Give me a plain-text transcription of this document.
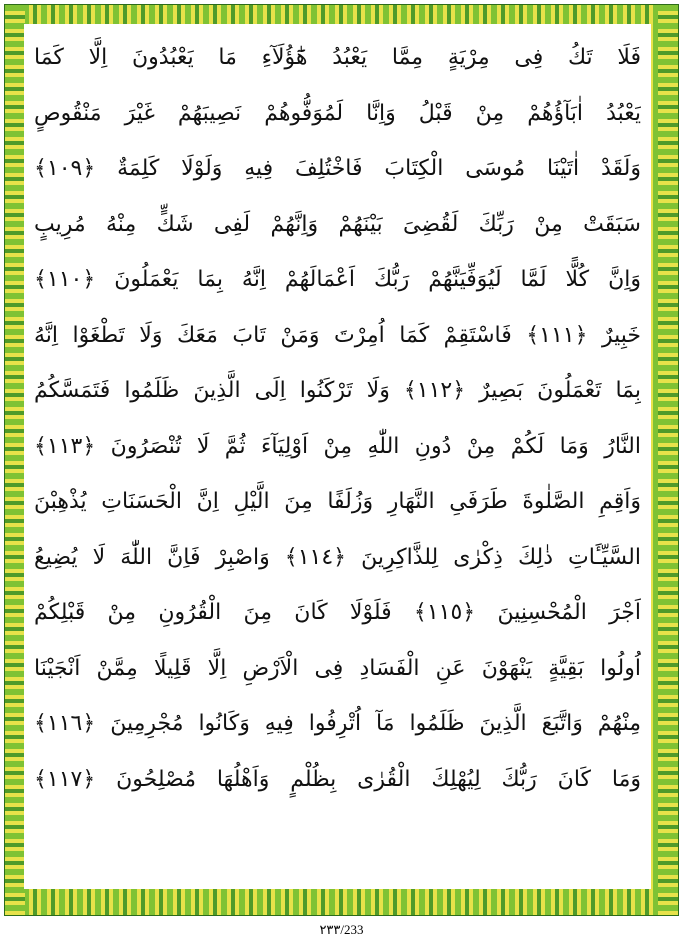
فَلَا تَكُ فِى مِرْيَةٍ مِمَّا يَعْبُدُ هَٰٓؤُلَآءِ مَا يَعْبُدُونَ اِلَّا كَمَا
يَعْبُدُ اٰبَآؤُهُمْ مِنْ قَبْلُ وَاِنَّا لَمُوَفُّوهُمْ نَصِيبَهُمْ غَيْرَ مَنْقُوصٍ
وَلَقَدْ اٰتَيْنَا مُوسَى الْكِتَابَ فَاخْتُلِفَ فِيهِ وَلَوْلَا كَلِمَةٌ ﴿١٠٩﴾
سَبَقَتْ مِنْ رَبِّكَ لَقُضِىَ بَيْنَهُمْ وَاِنَّهُمْ لَفِى شَكٍّ مِنْهُ مُرِيبٍ
وَاِنَّ كُلًّا لَمَّا لَيُوَفِّيَنَّهُمْ رَبُّكَ اَعْمَالَهُمْ اِنَّهُ بِمَا يَعْمَلُونَ ﴿١١٠﴾
خَبِيرٌ ﴿١١١﴾ فَاسْتَقِمْ كَمَا اُمِرْتَ وَمَنْ تَابَ مَعَكَ وَلَا تَطْغَوْا اِنَّهُ
بِمَا تَعْمَلُونَ بَصِيرٌ ﴿١١٢﴾ وَلَا تَرْكَنُوا اِلَى الَّذِينَ ظَلَمُوا فَتَمَسَّكُمُ
النَّارُ وَمَا لَكُمْ مِنْ دُونِ اللّٰهِ مِنْ اَوْلِيَآءَ ثُمَّ لَا تُنْصَرُونَ ﴿١١٣﴾
وَاَقِمِ الصَّلٰوةَ طَرَفَىِ النَّهَارِ وَزُلَفًا مِنَ الَّيْلِ اِنَّ الْحَسَنَاتِ يُذْهِبْنَ
السَّيِّـَٔاتِ ذٰلِكَ ذِكْرٰى لِلذَّاكِرِينَ ﴿١١٤﴾ وَاصْبِرْ فَاِنَّ اللّٰهَ لَا يُضِيعُ
اَجْرَ الْمُحْسِنِينَ ﴿١١٥﴾ فَلَوْلَا كَانَ مِنَ الْقُرُونِ مِنْ قَبْلِكُمْ
اُولُوا بَقِيَّةٍ يَنْهَوْنَ عَنِ الْفَسَادِ فِى الْاَرْضِ اِلَّا قَلِيلًا مِمَّنْ اَنْجَيْنَا
مِنْهُمْ وَاتَّبَعَ الَّذِينَ ظَلَمُوا مَآ اُتْرِفُوا فِيهِ وَكَانُوا مُجْرِمِينَ ﴿١١٦﴾
وَمَا كَانَ رَبُّكَ لِيُهْلِكَ الْقُرٰى بِظُلْمٍ وَاَهْلُهَا مُصْلِحُونَ ﴿١١٧﴾
٢٣٣/233
